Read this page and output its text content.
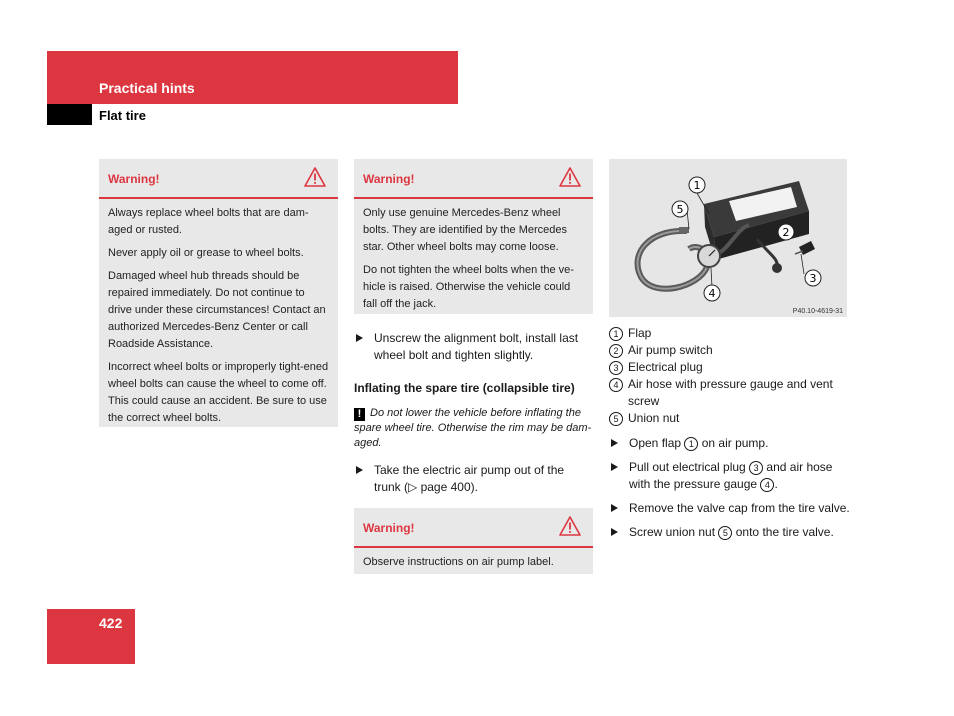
Practical hints
Flat tire
Warning!

Always replace wheel bolts that are dam-aged or rusted.

Never apply oil or grease to wheel bolts.

Damaged wheel hub threads should be repaired immediately. Do not continue to drive under these circumstances! Contact an authorized Mercedes-Benz Center or call Roadside Assistance.

Incorrect wheel bolts or improperly tight-ened wheel bolts can cause the wheel to come off. This could cause an accident. Be sure to use the correct wheel bolts.

Warning!

Only use genuine Mercedes-Benz wheel bolts. They are identified by the Mercedes star. Other wheel bolts may come loose.

Do not tighten the wheel bolts when the ve-hicle is raised. Otherwise the vehicle could fall off the jack.

Unscrew the alignment bolt, install last wheel bolt and tighten slightly.
Inflating the spare tire (collapsible tire)
! Do not lower the vehicle before inflating the spare wheel tire. Otherwise the rim may be dam-aged.
Take the electric air pump out of the trunk (▷ page 400).
Warning!

Observe instructions on air pump label.

1
5
2
3
4
P40.10-4619-31
1 Flap
2 Air pump switch
3 Electrical plug
4 Air hose with pressure gauge and vent screw
5 Union nut
Open flap 1 on air pump.
Pull out electrical plug 3 and air hose with the pressure gauge 4 .
Remove the valve cap from the tire valve.
Screw union nut 5 onto the tire valve.
422
